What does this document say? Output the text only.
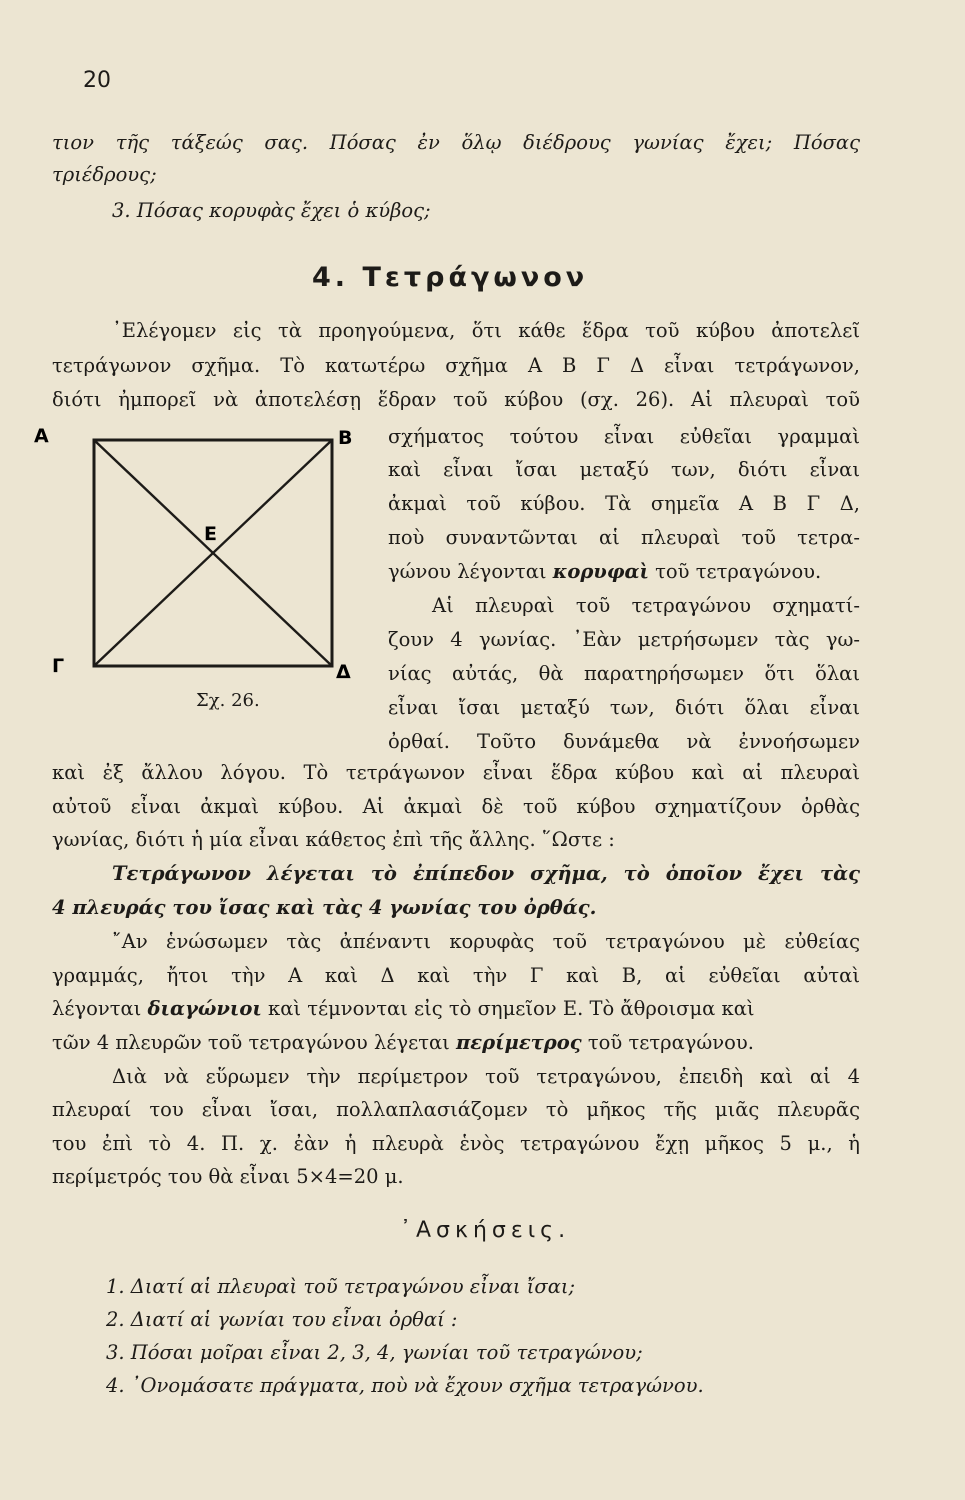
20
τιον τῆς τάξεώς σας. Πόσας ἐν ὅλῳ διέδρους γωνίας ἔχει; Πόσας
τριέδρους;
3. Πόσας κορυφὰς ἔχει ὁ κύβος;
4. Τετράγωνον
᾿Ελέγομεν εἰς τὰ προηγούμενα, ὅτι κάθε ἕδρα τοῦ κύβου ἀποτελεῖ
τετράγωνον σχῆμα. Τὸ κατωτέρω σχῆμα Α Β Γ Δ εἶναι τετράγωνον,
διότι ἠμπορεῖ νὰ ἀποτελέσῃ ἕδραν τοῦ κύβου (σχ. 26). Αἱ πλευραὶ τοῦ
Α	Β
Γ	Δ
Ε
Σχ. 26.
σχήματος τούτου εἶναι εὐθεῖαι γραμμαὶ
καὶ εἶναι ἴσαι μεταξύ των, διότι εἶναι
ἀκμαὶ τοῦ κύβου. Τὰ σημεῖα Α Β Γ Δ,
ποὺ συναντῶνται αἱ πλευραὶ τοῦ τετρα-
γώνου λέγονται κορυφαὶ τοῦ τετραγώνου.
Αἱ πλευραὶ τοῦ τετραγώνου σχηματί-
ζουν 4 γωνίας. ᾿Εὰν μετρήσωμεν τὰς γω-
νίας αὐτάς, θὰ παρατηρήσωμεν ὅτι ὅλαι
εἶναι ἴσαι μεταξύ των, διότι ὅλαι εἶναι
ὀρθαί. Τοῦτο δυνάμεθα νὰ ἐννοήσωμεν
καὶ ἐξ ἄλλου λόγου. Τὸ τετράγωνον εἶναι ἕδρα κύβου καὶ αἱ πλευραὶ
αὐτοῦ εἶναι ἀκμαὶ κύβου. Αἱ ἀκμαὶ δὲ τοῦ κύβου σχηματίζουν ὀρθὰς
γωνίας, διότι ἡ μία εἶναι κάθετος ἐπὶ τῆς ἄλλης. ῞Ωστε :
Τετράγωνον λέγεται τὸ ἐπίπεδον σχῆμα, τὸ ὁποῖον ἔχει τὰς
4 πλευράς του ἴσας καὶ τὰς 4 γωνίας του ὀρθάς.
῎Αν ἑνώσωμεν τὰς ἀπέναντι κορυφὰς τοῦ τετραγώνου μὲ εὐθείας
γραμμάς, ἤτοι τὴν Α καὶ Δ καὶ τὴν Γ καὶ Β, αἱ εὐθεῖαι αὐταὶ
λέγονται διαγώνιοι καὶ τέμνονται εἰς τὸ σημεῖον Ε. Τὸ ἄθροισμα καὶ
τῶν 4 πλευρῶν τοῦ τετραγώνου λέγεται περίμετρος τοῦ τετραγώνου.
Διὰ νὰ εὕρωμεν τὴν περίμετρον τοῦ τετραγώνου, ἐπειδὴ καὶ αἱ 4
πλευραί του εἶναι ἴσαι, πολλαπλασιάζομεν τὸ μῆκος τῆς μιᾶς πλευρᾶς
του ἐπὶ τὸ 4. Π. χ. ἐὰν ἡ πλευρὰ ἑνὸς τετραγώνου ἔχῃ μῆκος 5 μ., ἡ
περίμετρός του θὰ εἶναι 5×4=20 μ.
᾿Ασκήσεις.
1. Διατί αἱ πλευραὶ τοῦ τετραγώνου εἶναι ἴσαι;
2. Διατί αἱ γωνίαι του εἶναι ὀρθαί :
3. Πόσαι μοῖραι εἶναι 2, 3, 4, γωνίαι τοῦ τετραγώνου;
4. ᾿Ονομάσατε πράγματα, ποὺ νὰ ἔχουν σχῆμα τετραγώνου.
